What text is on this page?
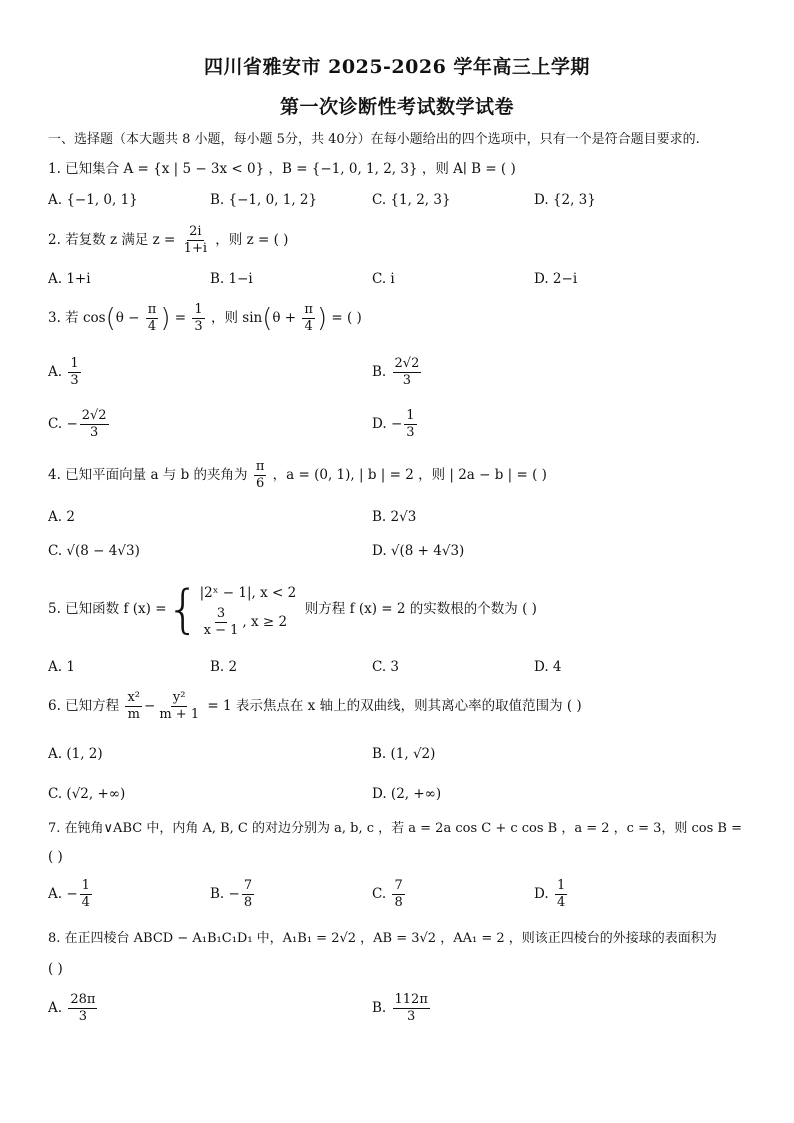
四川省雅安市 2025-2026 学年高三上学期
第一次诊断性考试数学试卷
一、选择题（本大题共 8 小题，每小题 5分，共 40分）在每小题给出的四个选项中，只有一个是符合题目要求的.
1. 已知集合 A = {x | 5 − 3x < 0} ，B = {−1, 0, 1, 2, 3} ，则 A∣ B = ( )
A. {−1, 0, 1}	B. {−1, 0, 1, 2}	C. {1, 2, 3}	D. {2, 3}
2. 若复数 z 满足 $z = \frac{2i}{1+i}$ ，则 z = ( )
A. 1+i	B. 1−i	C. i	D. 2−i
3. 若 $\cos(\theta - \frac{\pi}{4}$ ) = $\frac{1}{3}$ ，则 $\sin(\theta + \frac{\pi}{4}$ ) = ( )
A. $\frac{1}{3}$	B. $\frac{2√2}{3}$
C. − $\frac{2√2}{3}$	D. − $\frac{1}{3}$
4. 已知平面向量 a 与 b 的夹角为 $\frac{\pi}{6}$ ，a = (0, 1), | b | = 2 ，则 | 2a − b | = ( )
A. 2	B. 2√3
C. √(8 − 4√3)	D. √(8 + 4√3)
5. 已知函数 f (x) ={ |2ˣ − 1|, x < 2
$\frac{3}{x - 1}$ , x ≥ 2
则方程 f (x) = 2 的实数根的个数为 ( )
A. 1	B. 2	C. 3	D. 4
6. 已知方程 $\frac{\text{x²}}{m} - \frac{\text{y²}}{m + 1} = 1$ 表示焦点在 x 轴上的双曲线，则其离心率的取值范围为 ( )
A. (1, 2)	B. (1, √2)
C. (√2, +∞)	D. (2, +∞)
7. 在钝角∨ABC 中，内角 A, B, C 的对边分别为 a, b, c ，若 a = 2a cos C + c cos B ，a = 2 ，c = 3，则 cos B =
( )
A. − $\frac{1}{4}$	B. − $\frac{7}{8}$	C. $\frac{7}{8}$	D. $\frac{1}{4}$
8. 在正四棱台 ABCD − A₁B₁C₁D₁ 中，A₁B₁ = 2√2 ，AB = 3√2 ，AA₁ = 2 ，则该正四棱台的外接球的表面积为
( )
A. $\frac{28\pi}{3}$	B. $\frac{112\pi}{3}$
